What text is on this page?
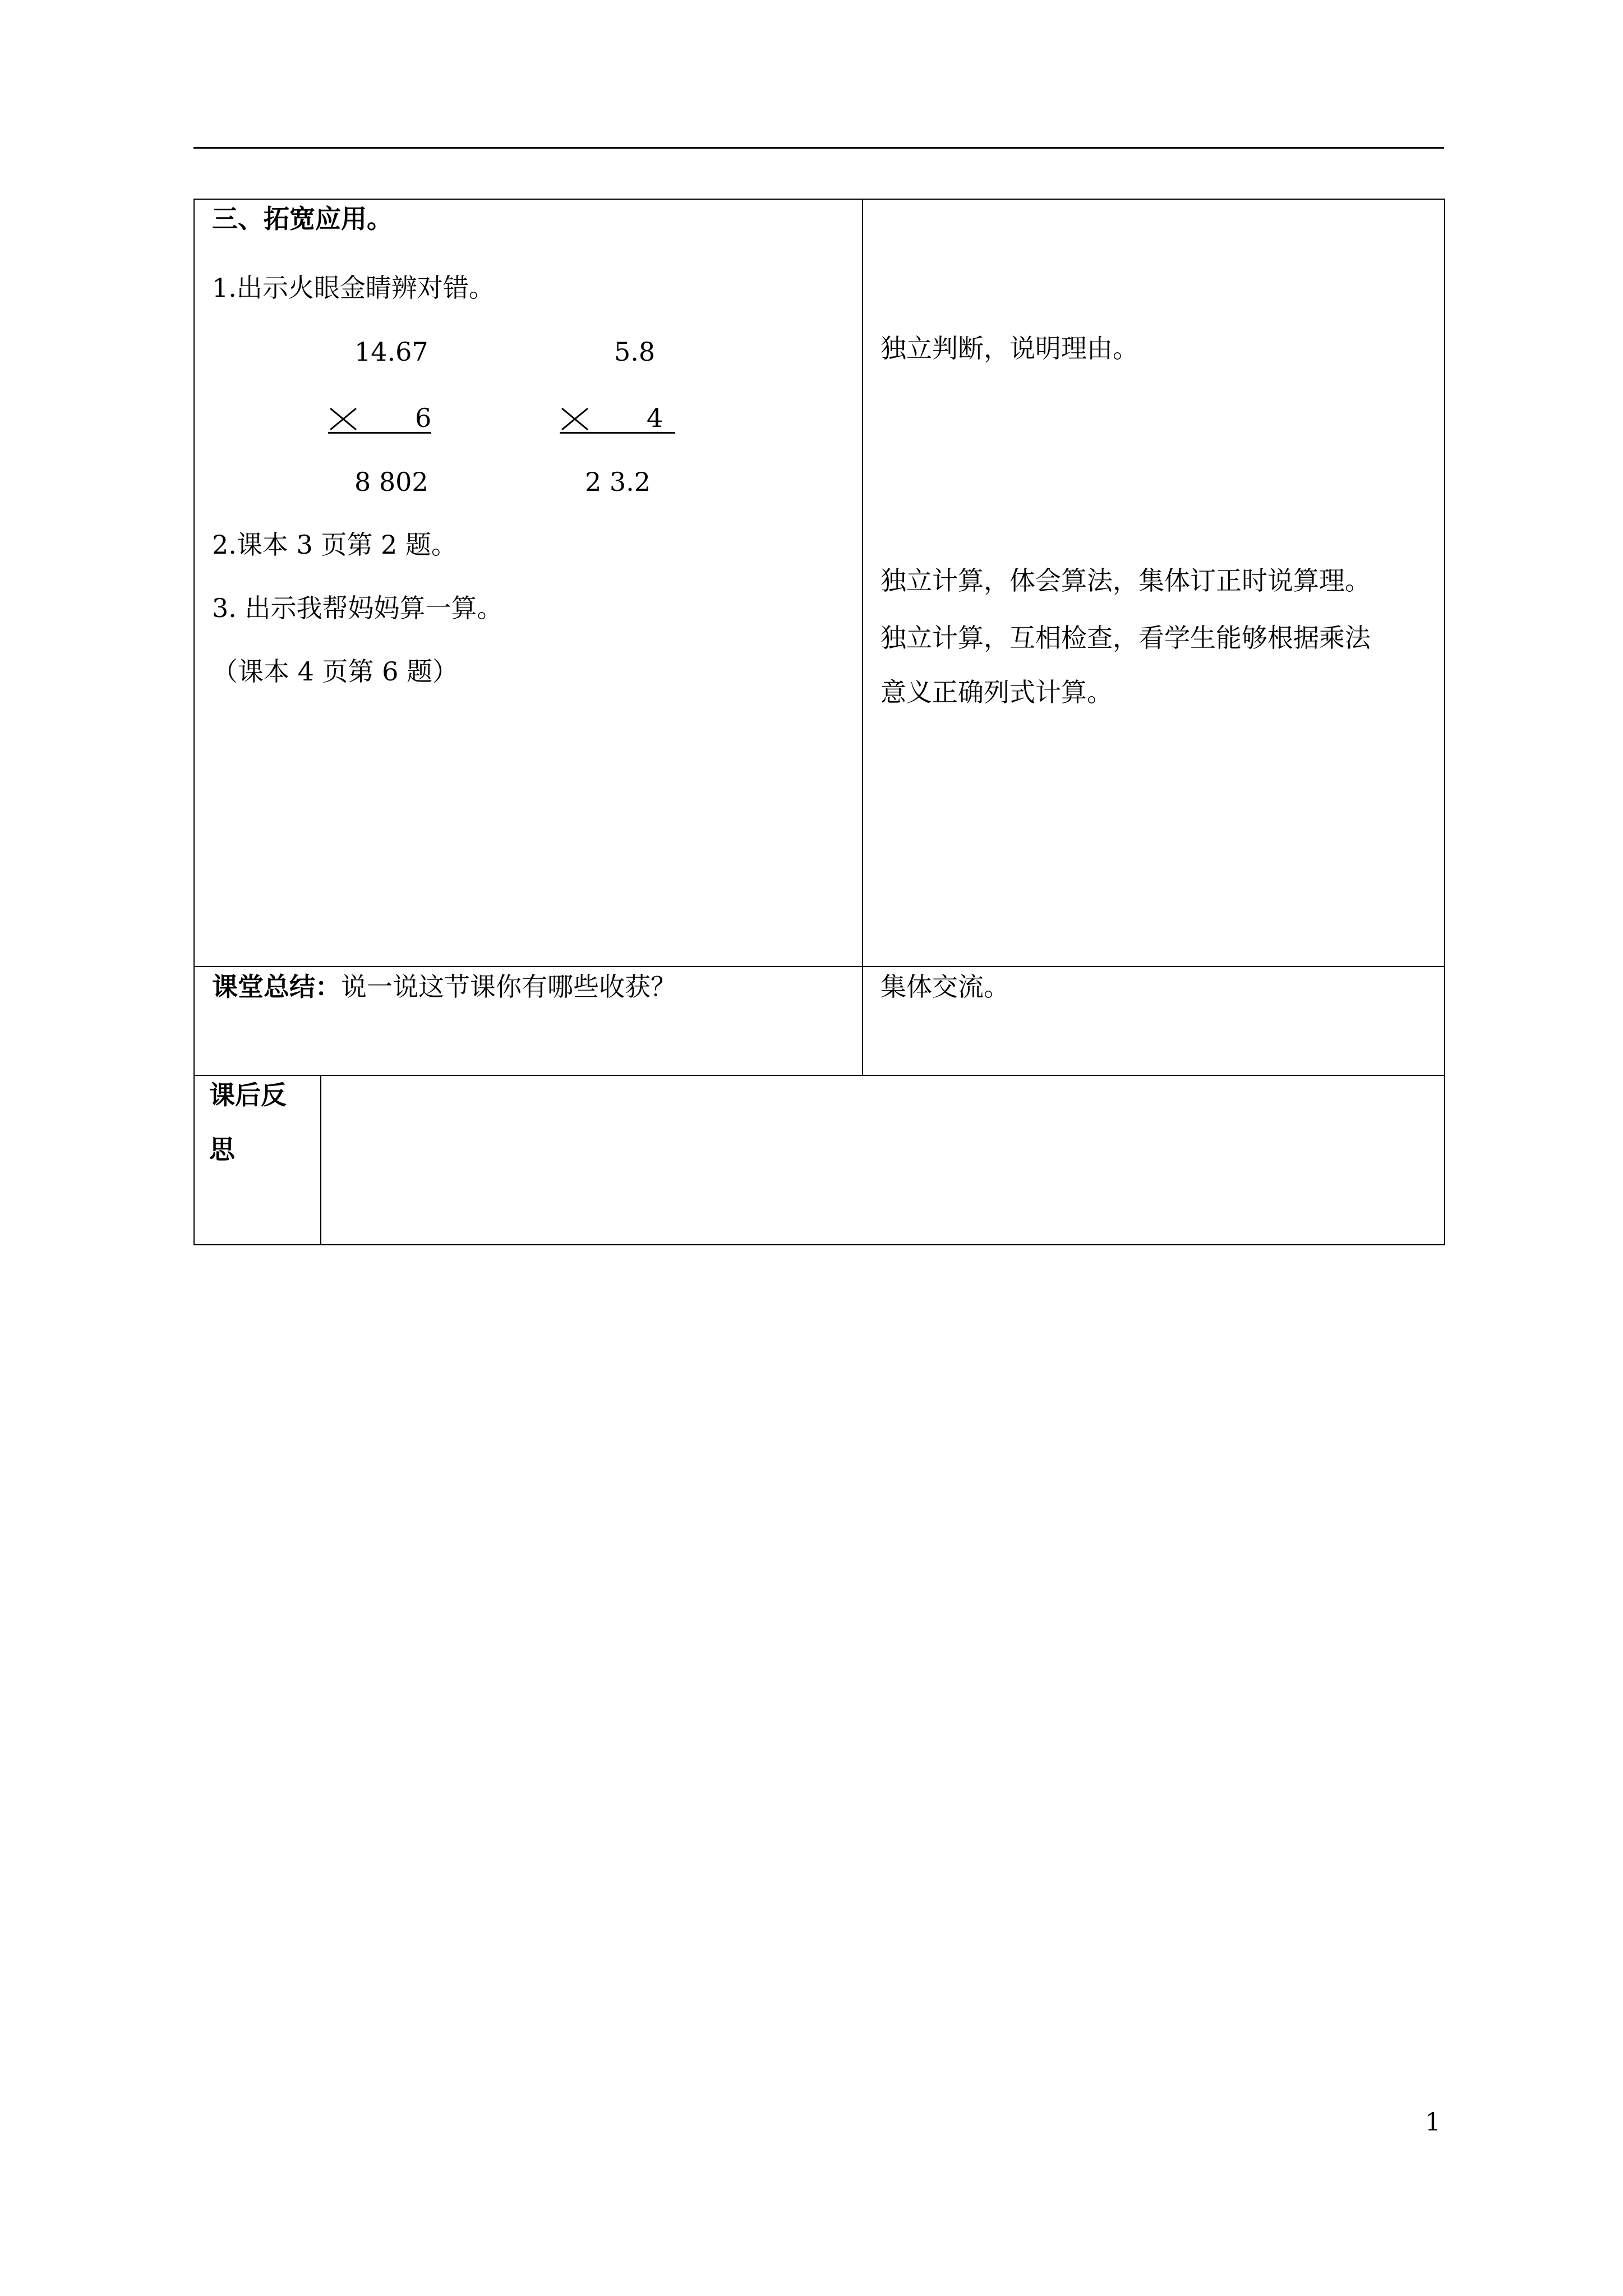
三、拓宽应用。
1.出示火眼金睛辨对错。
14.67
6
8 802
5.8
4
2 3.2
2.课本 3 页第 2 题。
3. 出示我帮妈妈算一算。
（课本 4 页第 6 题）
独立判断，说明理由。
独立计算，体会算法，集体订正时说算理。
独立计算，互相检查，看学生能够根据乘法
意义正确列式计算。
课堂总结：说一说这节课你有哪些收获？	集体交流。
课后反
思
1
